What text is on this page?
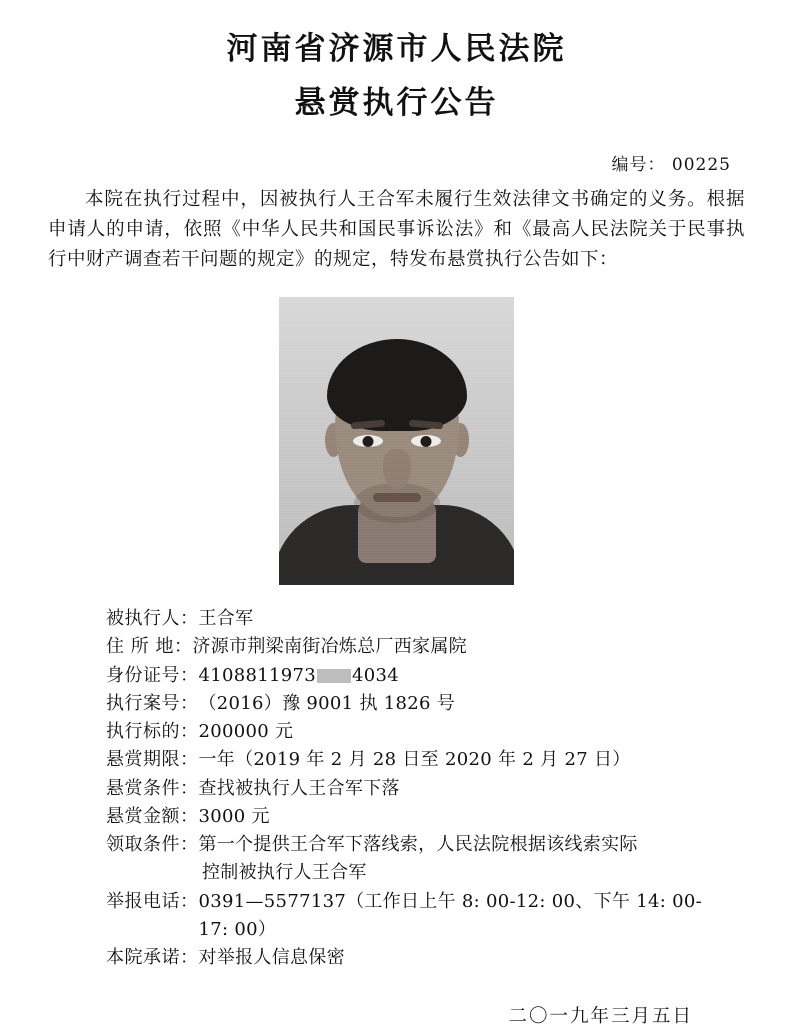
河南省济源市人民法院
悬赏执行公告
编号： 00225
本院在执行过程中，因被执行人王合军未履行生效法律文书确定的义务。根据申请人的申请，依照《中华人民共和国民事诉讼法》和《最高人民法院关于民事执行中财产调查若干问题的规定》的规定，特发布悬赏执行公告如下：
被执行人： 王合军
住 所 地： 济源市荆梁南街冶炼总厂西家属院
身份证号： 4108811973 4034
执行案号： （2016）豫 9001 执 1826 号
执行标的： 200000 元
悬赏期限： 一年（2019 年 2 月 28 日至 2020 年 2 月 27 日）
悬赏条件： 查找被执行人王合军下落
悬赏金额： 3000 元
领取条件： 第一个提供王合军下落线索，人民法院根据该线索实际
控制被执行人王合军
举报电话： 0391—5577137（工作日上午 8: 00-12: 00、下午 14: 00-17: 00）
本院承诺： 对举报人信息保密
二〇一九年三月五日
